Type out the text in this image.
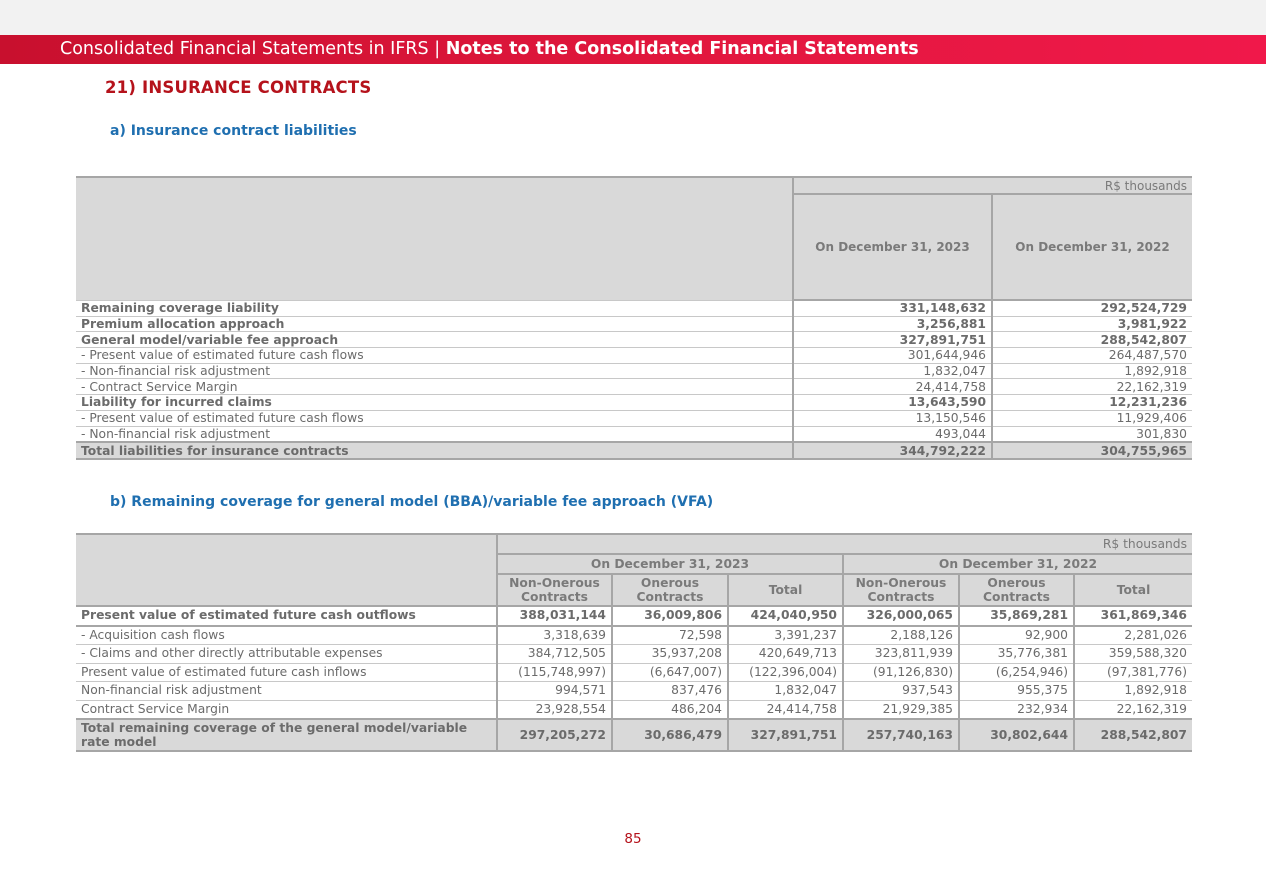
Consolidated Financial Statements in IFRS | Notes to the Consolidated Financial Statements
21) INSURANCE CONTRACTS
a) Insurance contract liabilities
	R$ thousands	
	On December 31, 2023	On December 31, 2022
Remaining coverage liability	331,148,632	292,524,729
Premium allocation approach	3,256,881	3,981,922
General model/variable fee approach	327,891,751	288,542,807
- Present value of estimated future cash flows	301,644,946	264,487,570
- Non-financial risk adjustment	1,832,047	1,892,918
- Contract Service Margin	24,414,758	22,162,319
Liability for incurred claims	13,643,590	12,231,236
- Present value of estimated future cash flows	13,150,546	11,929,406
- Non-financial risk adjustment	493,044	301,830
Total liabilities for insurance contracts	344,792,222	304,755,965
b) Remaining coverage for general model (BBA)/variable fee approach (VFA)
	R$ thousands					
	On December 31, 2023			On December 31, 2022		
	Non-Onerous Contracts	Onerous Contracts	Total	Non-Onerous Contracts	Onerous Contracts	Total
Present value of estimated future cash outflows	388,031,144	36,009,806	424,040,950	326,000,065	35,869,281	361,869,346
- Acquisition cash flows	3,318,639	72,598	3,391,237	2,188,126	92,900	2,281,026
- Claims and other directly attributable expenses	384,712,505	35,937,208	420,649,713	323,811,939	35,776,381	359,588,320
Present value of estimated future cash inflows	(115,748,997)	(6,647,007)	(122,396,004)	(91,126,830)	(6,254,946)	(97,381,776)
Non-financial risk adjustment	994,571	837,476	1,832,047	937,543	955,375	1,892,918
Contract Service Margin	23,928,554	486,204	24,414,758	21,929,385	232,934	22,162,319
Total remaining coverage of the general model/variable rate model	297,205,272	30,686,479	327,891,751	257,740,163	30,802,644	288,542,807
85
